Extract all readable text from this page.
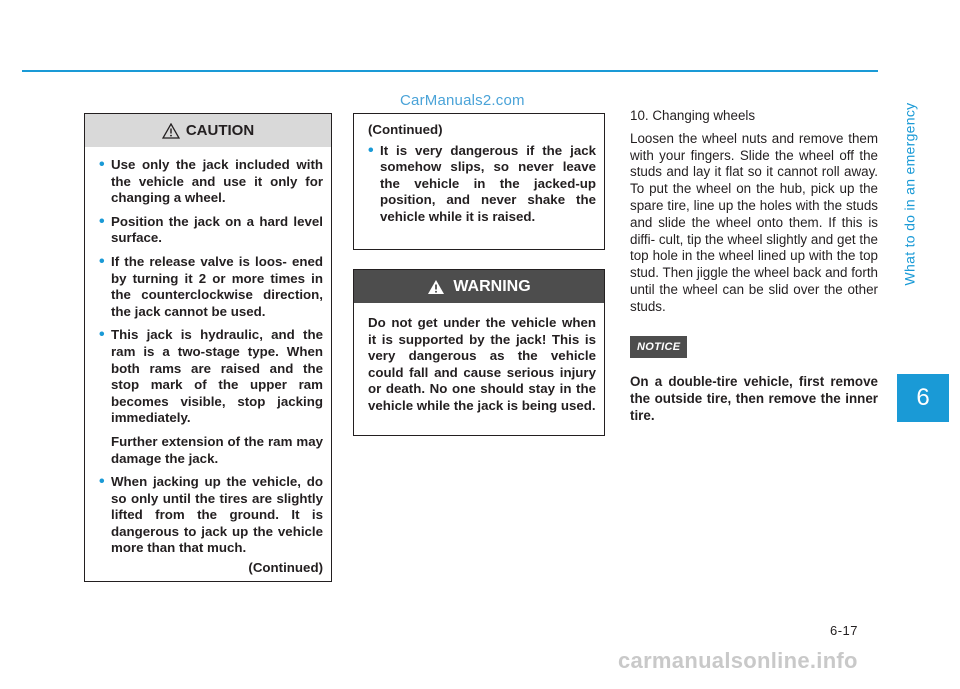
CarManuals2.com
What to do in an emergency
6
CAUTION
• Use only the jack included with the vehicle and use it only for changing a wheel.
• Position the jack on a hard level surface.
• If the release valve is loos- ened by turning it 2 or more times in the counterclockwise direction, the jack cannot be used.
• This jack is hydraulic, and the ram is a two-stage type. When both rams are raised and the stop mark of the upper ram becomes visible, stop jacking immediately.
Further extension of the ram may damage the jack.
• When jacking up the vehicle, do so only until the tires are slightly lifted from the ground. It is dangerous to jack up the vehicle more than that much.
(Continued)
(Continued)
• It is very dangerous if the jack somehow slips, so never leave the vehicle in the jacked-up position, and never shake the vehicle while it is raised.
WARNING
Do not get under the vehicle when it is supported by the jack! This is very dangerous as the vehicle could fall and cause serious injury or death. No one should stay in the vehicle while the jack is being used.
10. Changing wheels

Loosen the wheel nuts and remove them with your fingers. Slide the wheel off the studs and lay it flat so it cannot roll away. To put the wheel on the hub, pick up the spare tire, line up the holes with the studs and slide the wheel onto them. If this is diffi- cult, tip the wheel slightly and get the top hole in the wheel lined up with the top stud. Then jiggle the wheel back and forth until the wheel can be slid over the other studs.

NOTICE
On a double-tire vehicle, first remove the outside tire, then remove the inner tire.
6-17
carmanualsonline.info
